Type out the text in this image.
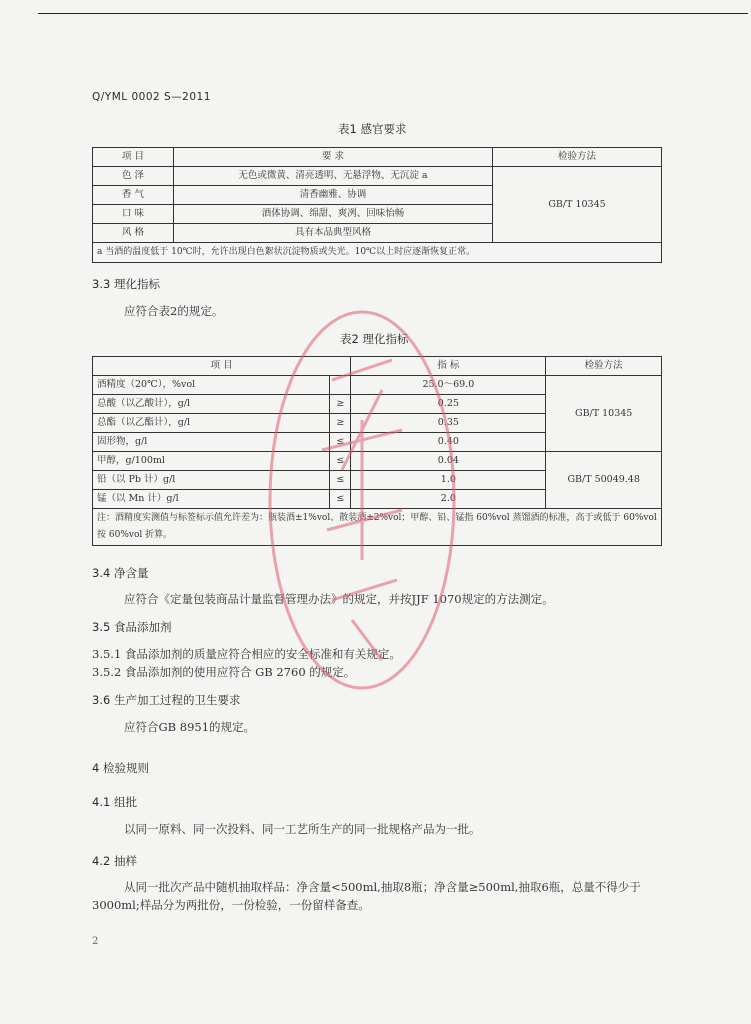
Q/YML 0002 S—2011
表1 感官要求
项 目	要 求	检验方法
色 泽	无色或微黄、清亮透明、无悬浮物、无沉淀 a	GB/T 10345
香 气	清香幽雅、协调	
口 味	酒体协调、绵甜、爽冽、回味怡畅	
风 格	具有本品典型风格	
a 当酒的温度低于 10℃时，允许出现白色絮状沉淀物质或失光。10℃以上时应逐渐恢复正常。		
3.3 理化指标
应符合表2的规定。
表2 理化指标
项 目		指 标	检验方法
酒精度（20℃），%vol		25.0～69.0	GB/T 10345
总酸（以乙酸计），g/l	≥	0.25	
总酯（以乙酯计），g/l	≥	0.35	
固形物，g/l	≤	0.40	
甲醇，g/100ml	≤	0.04	GB/T 50049.48
铅（以 Pb 计）g/l	≤	1.0	
锰（以 Mn 计）g/l	≤	2.0	
注：酒精度实测值与标签标示值允许差为：瓶装酒±1%vol、散装酒±2%vol；甲醇、铅、锰指 60%vol 蒸馏酒的标准，高于或低于 60%vol 按 60%vol 折算。			
3.4 净含量
应符合《定量包装商品计量监督管理办法》的规定，并按JJF 1070规定的方法测定。
3.5 食品添加剂
3.5.1 食品添加剂的质量应符合相应的安全标准和有关规定。
3.5.2 食品添加剂的使用应符合 GB 2760 的规定。
3.6 生产加工过程的卫生要求
应符合GB 8951的规定。
4 检验规则
4.1 组批
以同一原料、同一次投料、同一工艺所生产的同一批规格产品为一批。
4.2 抽样
从同一批次产品中随机抽取样品：净含量<500ml,抽取8瓶；净含量≥500ml,抽取6瓶，总量不得少于
3000ml;样品分为两批份，一份检验，一份留样备查。
2
